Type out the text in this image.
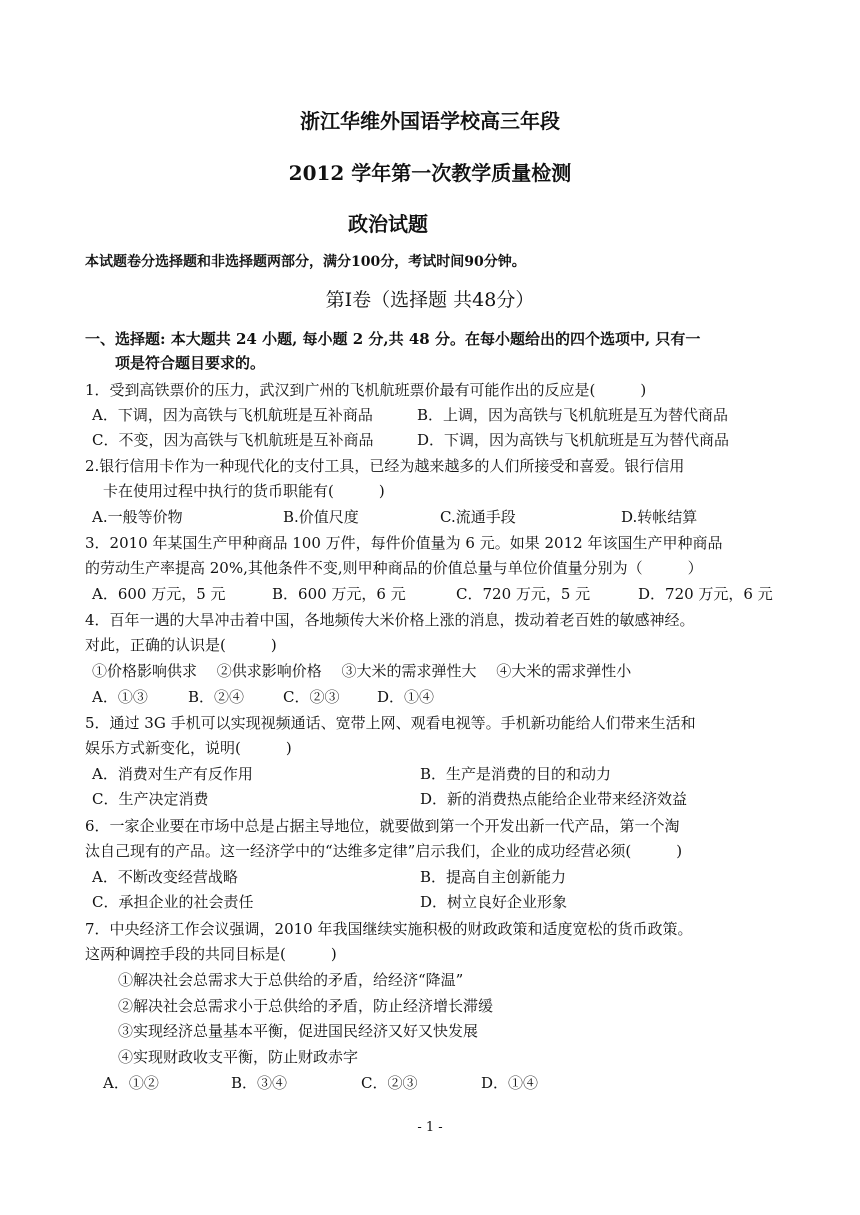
浙江华维外国语学校高三年段
2012 学年第一次教学质量检测
政治试题
本试题卷分选择题和非选择题两部分，满分100分，考试时间90分钟。
第Ⅰ卷（选择题 共48分）
一、选择题: 本大题共 24 小题, 每小题 2 分,共 48 分。在每小题给出的四个选项中, 只有一
项是符合题目要求的。
1．受到高铁票价的压力，武汉到广州的飞机航班票价最有可能作出的反应是(　　　)
A．下调，因为高铁与飞机航班是互补商品	B．上调，因为高铁与飞机航班是互为替代商品
C．不变，因为高铁与飞机航班是互补商品	D．下调，因为高铁与飞机航班是互为替代商品
2.银行信用卡作为一种现代化的支付工具，已经为越来越多的人们所接受和喜爱。银行信用
卡在使用过程中执行的货币职能有(　　　)
A.一般等价物	B.价值尺度	C.流通手段	D.转帐结算
3．2010 年某国生产甲种商品 100 万件，每件价值量为 6 元。如果 2012 年该国生产甲种商品
的劳动生产率提高 20%,其他条件不变,则甲种商品的价值总量与单位价值量分别为（　　　）
A．600 万元，5 元	B．600 万元，6 元	C．720 万元，5 元	D．720 万元，6 元
4．百年一遇的大旱冲击着中国，各地频传大米价格上涨的消息，拨动着老百姓的敏感神经。
对此，正确的认识是(　　　)
①价格影响供求　 ②供求影响价格　 ③大米的需求弹性大　 ④大米的需求弹性小
A．①③	B．②④	C．②③	D．①④
5．通过 3G 手机可以实现视频通话、宽带上网、观看电视等。手机新功能给人们带来生活和
娱乐方式新变化，说明(　　　)
A．消费对生产有反作用	B．生产是消费的目的和动力
C．生产决定消费	D．新的消费热点能给企业带来经济效益
6．一家企业要在市场中总是占据主导地位，就要做到第一个开发出新一代产品，第一个淘
汰自己现有的产品。这一经济学中的“达维多定律”启示我们，企业的成功经营必须(　　　)
A．不断改变经营战略	B．提高自主创新能力
C．承担企业的社会责任	D．树立良好企业形象
7．中央经济工作会议强调，2010 年我国继续实施积极的财政政策和适度宽松的货币政策。
这两种调控手段的共同目标是(　　　)
①解决社会总需求大于总供给的矛盾，给经济“降温”
②解决社会总需求小于总供给的矛盾，防止经济增长滞缓
③实现经济总量基本平衡，促进国民经济又好又快发展
④实现财政收支平衡，防止财政赤字
A．①②	B．③④	C．②③	D．①④
- 1 -
